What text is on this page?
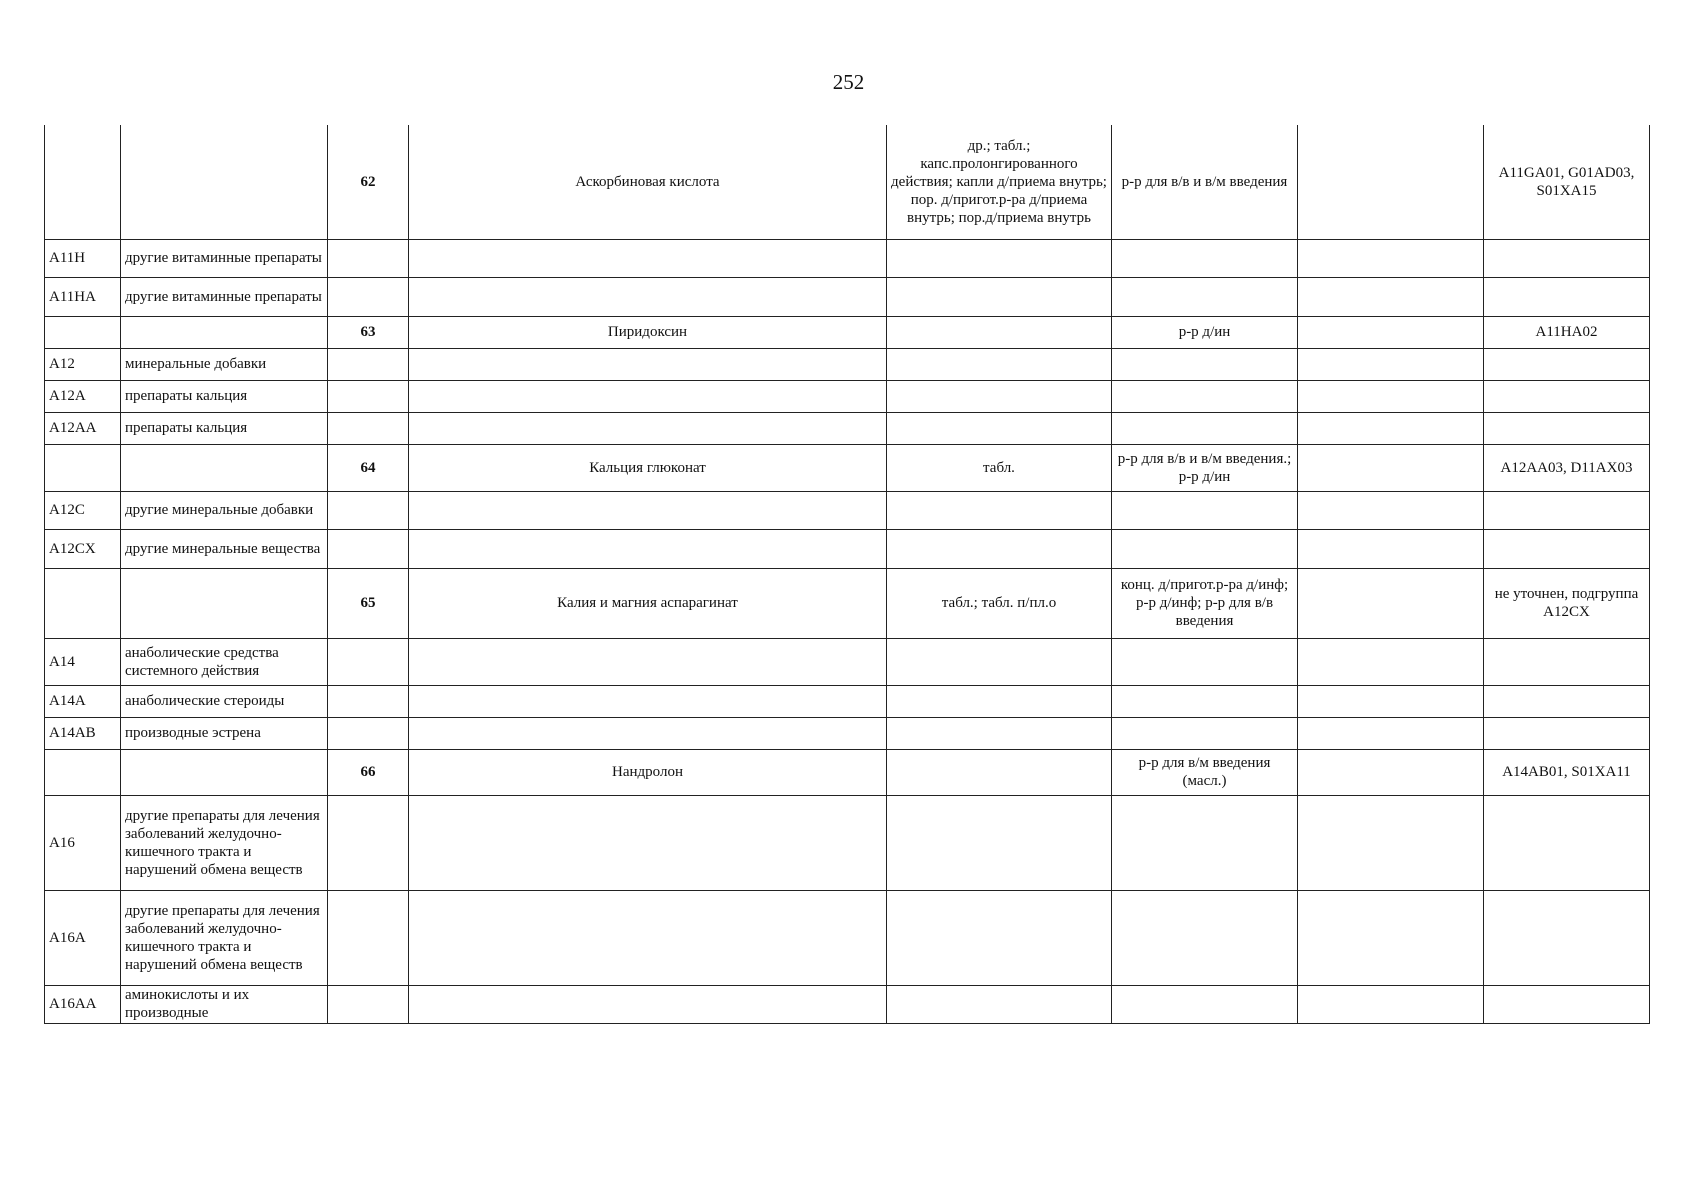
252
		62	Аскорбиновая кислота	др.; табл.; капс.пролонгированного действия; капли д/приема внутрь; пор. д/пригот.р-ра д/приема внутрь; пор.д/приема внутрь	р-р для в/в и в/м введения		A11GA01, G01AD03, S01XA15
A11H	другие витаминные препараты						
A11HA	другие витаминные препараты						
		63	Пиридоксин		р-р д/ин		A11HA02
A12	минеральные добавки						
A12A	препараты кальция						
A12AA	препараты кальция						
		64	Кальция глюконат	табл.	р-р для в/в и в/м введения.; р-р д/ин		A12AA03, D11AX03
A12C	другие минеральные добавки						
A12CX	другие минеральные вещества						
		65	Калия и магния аспарагинат	табл.; табл. п/пл.о	конц. д/пригот.р-ра д/инф; р-р д/инф; р-р для в/в введения		не уточнен, подгруппа A12CX
A14	анаболические средства системного действия						
A14A	анаболические стероиды						
A14AB	производные эстрена						
		66	Нандролон		р-р для в/м введения (масл.)		A14AB01, S01XA11
A16	другие препараты для лечения заболеваний желудочно-кишечного тракта и нарушений обмена веществ						
A16A	другие препараты для лечения заболеваний желудочно-кишечного тракта и нарушений обмена веществ						
A16AA	аминокислоты и их производные						
